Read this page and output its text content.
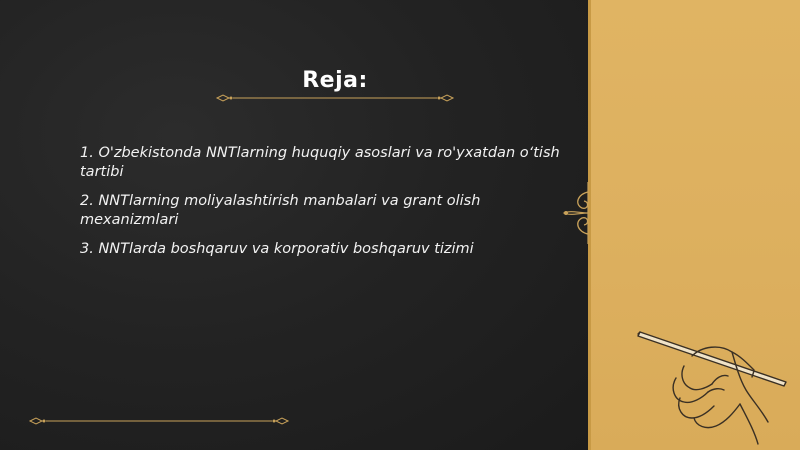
Reja:
1. O'zbekistonda NNTlarning huquqiy asoslari va ro'yxatdan o‘tish tartibi
2. NNTlarning moliyalashtirish manbalari va grant olish mexanizmlari
3. NNTlarda boshqaruv va korporativ boshqaruv tizimi
